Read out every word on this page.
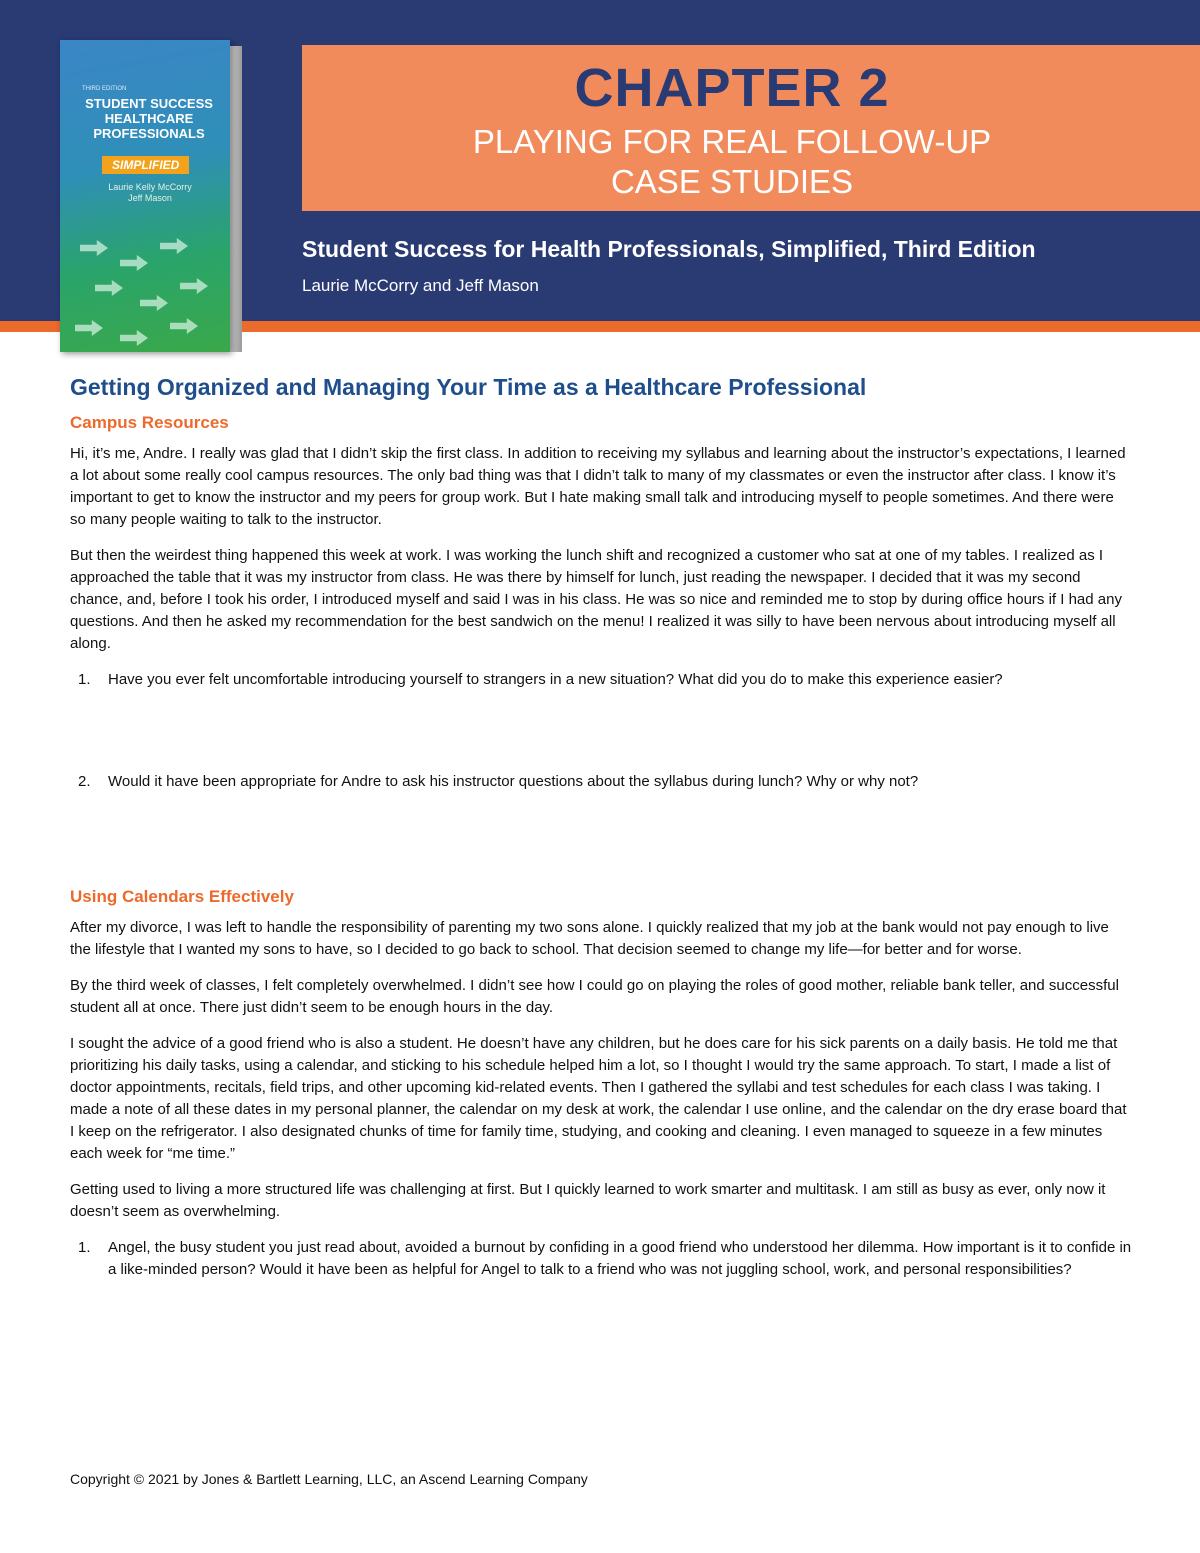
CHAPTER 2
PLAYING FOR REAL FOLLOW-UP
CASE STUDIES
Student Success for Health Professionals, Simplified, Third Edition
Laurie McCorry and Jeff Mason
THIRD EDITION
STUDENT SUCCESS
HEALTHCARE
PROFESSIONALS
SIMPLIFIED
Laurie Kelly McCorry
Jeff Mason
Getting Organized and Managing Your Time as a Healthcare Professional
Campus Resources

Hi, it’s me, Andre. I really was glad that I didn’t skip the first class. In addition to receiving my syllabus and learning about the instructor’s expectations, I learned a lot about some really cool campus resources. The only bad thing was that I didn’t talk to many of my classmates or even the instructor after class. I know it’s important to get to know the instructor and my peers for group work. But I hate making small talk and introducing myself to people sometimes. And there were so many people waiting to talk to the instructor.

But then the weirdest thing happened this week at work. I was working the lunch shift and recognized a customer who sat at one of my tables. I realized as I approached the table that it was my instructor from class. He was there by himself for lunch, just reading the newspaper. I decided that it was my second chance, and, before I took his order, I introduced myself and said I was in his class. He was so nice and reminded me to stop by during office hours if I had any questions. And then he asked my recommendation for the best sandwich on the menu! I realized it was silly to have been nervous about introducing myself all along.

1. Have you ever felt uncomfortable introducing yourself to strangers in a new situation? What did you do to make this experience easier?
2. Would it have been appropriate for Andre to ask his instructor questions about the syllabus during lunch? Why or why not?
Using Calendars Effectively

After my divorce, I was left to handle the responsibility of parenting my two sons alone. I quickly realized that my job at the bank would not pay enough to live the lifestyle that I wanted my sons to have, so I decided to go back to school. That decision seemed to change my life—for better and for worse.

By the third week of classes, I felt completely overwhelmed. I didn’t see how I could go on playing the roles of good mother, reliable bank teller, and successful student all at once. There just didn’t seem to be enough hours in the day.

I sought the advice of a good friend who is also a student. He doesn’t have any children, but he does care for his sick parents on a daily basis. He told me that prioritizing his daily tasks, using a calendar, and sticking to his schedule helped him a lot, so I thought I would try the same approach. To start, I made a list of doctor appointments, recitals, field trips, and other upcoming kid-related events. Then I gathered the syllabi and test schedules for each class I was taking. I made a note of all these dates in my personal planner, the calendar on my desk at work, the calendar I use online, and the calendar on the dry erase board that I keep on the refrigerator. I also designated chunks of time for family time, studying, and cooking and cleaning. I even managed to squeeze in a few minutes each week for “me time.”

Getting used to living a more structured life was challenging at first. But I quickly learned to work smarter and multitask. I am still as busy as ever, only now it doesn’t seem as overwhelming.

1. Angel, the busy student you just read about, avoided a burnout by confiding in a good friend who understood her dilemma. How important is it to confide in a like-minded person? Would it have been as helpful for Angel to talk to a friend who was not juggling school, work, and personal responsibilities?
Copyright © 2021 by Jones & Bartlett Learning, LLC, an Ascend Learning Company
